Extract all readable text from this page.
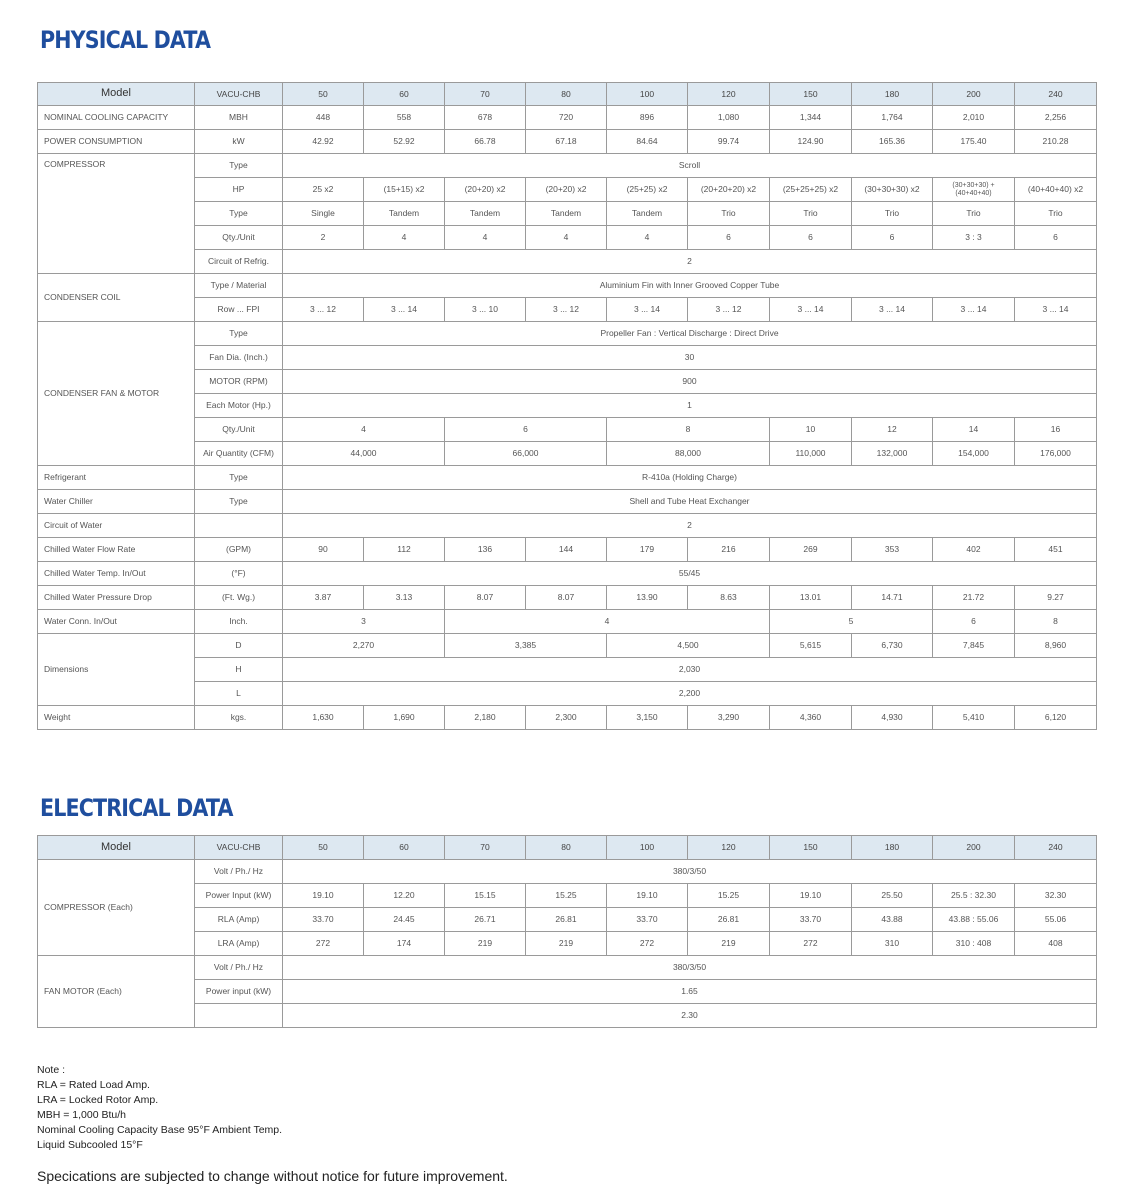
PHYSICAL DATA
Model	VACU-CHB	50	60	70	80	100	120	150	180	200	240
NOMINAL COOLING CAPACITY	MBH	448	558	678	720	896	1,080	1,344	1,764	2,010	2,256
POWER CONSUMPTION	kW	42.92	52.92	66.78	67.18	84.64	99.74	124.90	165.36	175.40	210.28
COMPRESSOR	Type	Scroll									
	HP	25 x2	(15+15) x2	(20+20) x2	(20+20) x2	(25+25) x2	(20+20+20) x2	(25+25+25) x2	(30+30+30) x2	(30+30+30) + (40+40+40)	(40+40+40) x2
	Type	Single	Tandem	Tandem	Tandem	Tandem	Trio	Trio	Trio	Trio	Trio
	Qty./Unit	2	4	4	4	4	6	6	6	3 : 3	6
	Circuit of Refrig.	2									
CONDENSER COIL	Type / Material	Aluminium Fin with Inner Grooved Copper Tube									
	Row ... FPI	3 ... 12	3 ... 14	3 ... 10	3 ... 12	3 ... 14	3 ... 12	3 ... 14	3 ... 14	3 ... 14	3 ... 14
CONDENSER FAN & MOTOR	Type	Propeller Fan : Vertical Discharge : Direct Drive									
	Fan Dia. (Inch.)	30									
	MOTOR (RPM)	900									
	Each Motor (Hp.)	1									
	Qty./Unit	4		6		8		10	12	14	16
	Air Quantity (CFM)	44,000		66,000		88,000		110,000	132,000	154,000	176,000
Refrigerant	Type	R-410a (Holding Charge)									
Water Chiller	Type	Shell and Tube Heat Exchanger									
Circuit of Water		2									
Chilled Water Flow Rate	(GPM)	90	112	136	144	179	216	269	353	402	451
Chilled Water Temp. In/Out	(°F)	55/45									
Chilled Water Pressure Drop	(Ft. Wg.)	3.87	3.13	8.07	8.07	13.90	8.63	13.01	14.71	21.72	9.27
Water Conn. In/Out	Inch.	3		4				5		6	8
Dimensions	D	2,270		3,385		4,500		5,615	6,730	7,845	8,960
	H	2,030									
	L	2,200									
Weight	kgs.	1,630	1,690	2,180	2,300	3,150	3,290	4,360	4,930	5,410	6,120
ELECTRICAL DATA
Model	VACU-CHB	50	60	70	80	100	120	150	180	200	240
COMPRESSOR (Each)	Volt / Ph./ Hz	380/3/50									
	Power Input (kW)	19.10	12.20	15.15	15.25	19.10	15.25	19.10	25.50	25.5 : 32.30	32.30
	RLA (Amp)	33.70	24.45	26.71	26.81	33.70	26.81	33.70	43.88	43.88 : 55.06	55.06
	LRA (Amp)	272	174	219	219	272	219	272	310	310 : 408	408
FAN MOTOR (Each)	Volt / Ph./ Hz	380/3/50									
	Power input (kW)	1.65									
		2.30									
Note :
RLA = Rated Load Amp.
LRA = Locked Rotor Amp.
MBH = 1,000 Btu/h
Nominal Cooling Capacity Base 95°F Ambient Temp.
Liquid Subcooled 15°F

Specications are subjected to change without notice for future improvement.
